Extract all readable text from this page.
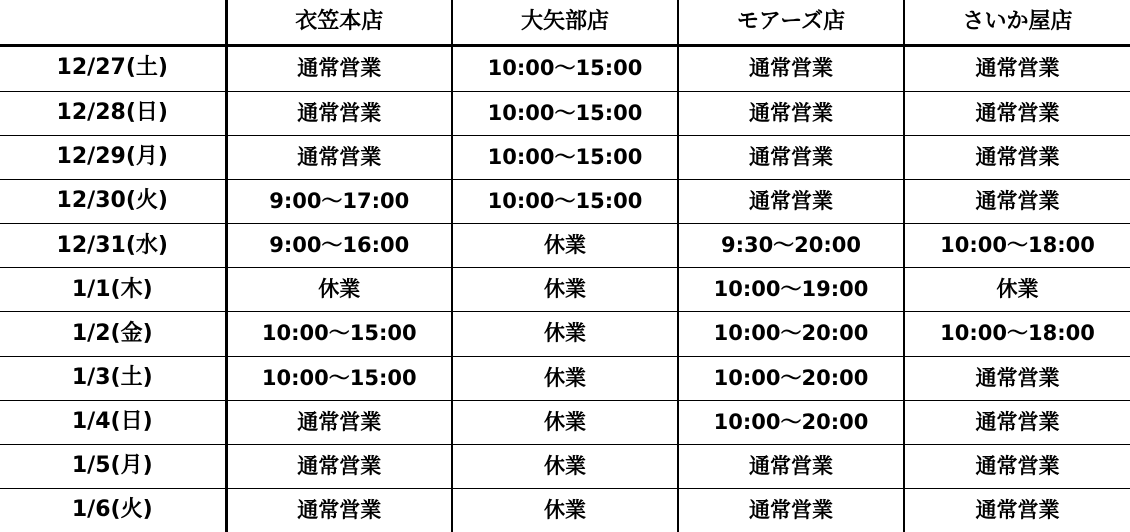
	衣笠本店	大矢部店	モアーズ店	さいか屋店
12/27(土)	通常営業	10:00〜15:00	通常営業	通常営業
12/28(日)	通常営業	10:00〜15:00	通常営業	通常営業
12/29(月)	通常営業	10:00〜15:00	通常営業	通常営業
12/30(火)	9:00〜17:00	10:00〜15:00	通常営業	通常営業
12/31(水)	9:00〜16:00	休業	9:30〜20:00	10:00〜18:00
1/1(木)	休業	休業	10:00〜19:00	休業
1/2(金)	10:00〜15:00	休業	10:00〜20:00	10:00〜18:00
1/3(土)	10:00〜15:00	休業	10:00〜20:00	通常営業
1/4(日)	通常営業	休業	10:00〜20:00	通常営業
1/5(月)	通常営業	休業	通常営業	通常営業
1/6(火)	通常営業	休業	通常営業	通常営業
